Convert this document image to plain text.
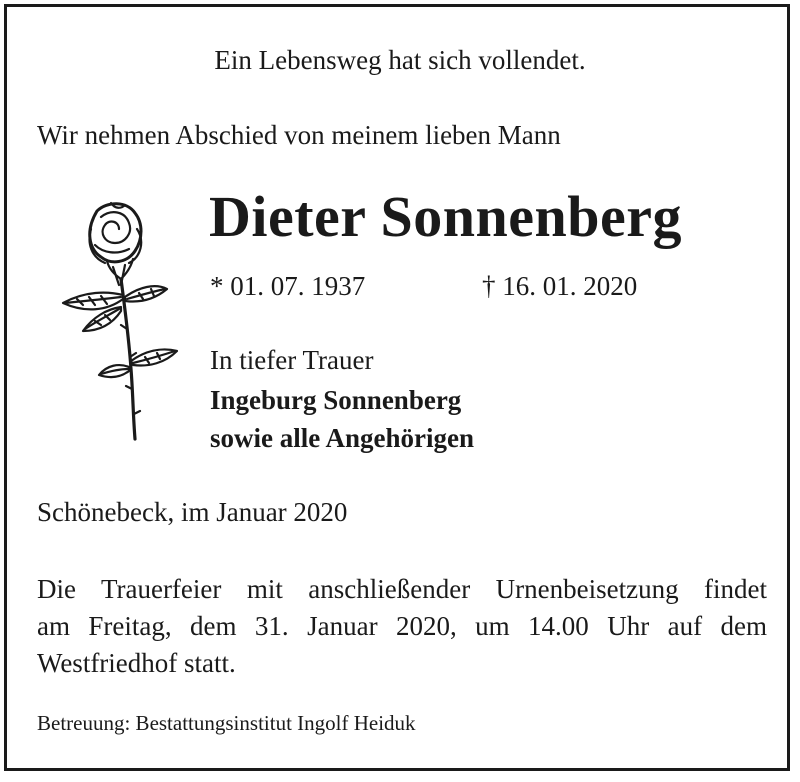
Ein Lebensweg hat sich vollendet.
Wir nehmen Abschied von meinem lieben Mann
Dieter Sonnenberg
* 01. 07. 1937	† 16. 01. 2020
In tiefer Trauer
Ingeburg Sonnenberg
sowie alle Angehörigen
Schönebeck, im Januar 2020
Die Trauerfeier mit anschließender Urnenbeisetzung findet
am Freitag, dem 31. Januar 2020, um 14.00 Uhr auf dem
Westfriedhof statt.
Betreuung: Bestattungsinstitut Ingolf Heiduk
